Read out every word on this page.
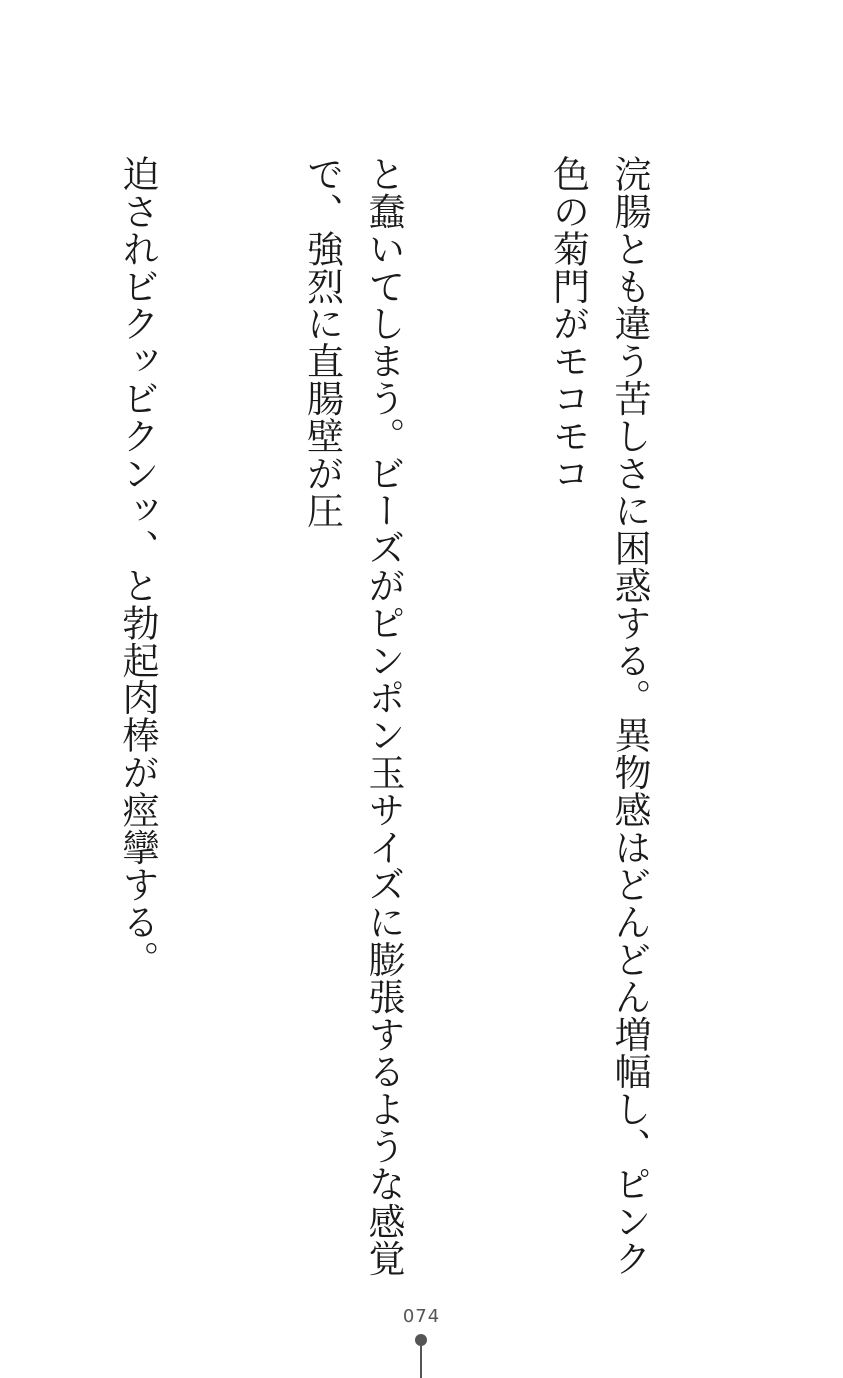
浣腸とも違う苦しさに困惑する。異物感はどんどん増幅し、ピンク色の菊門がモコモコ

と蠢いてしまう。ビーズがピンポン玉サイズに膨張するような感覚で、強烈に直腸壁が圧

迫されビクッビクンッ、と勃起肉棒が痙攣する。

074
